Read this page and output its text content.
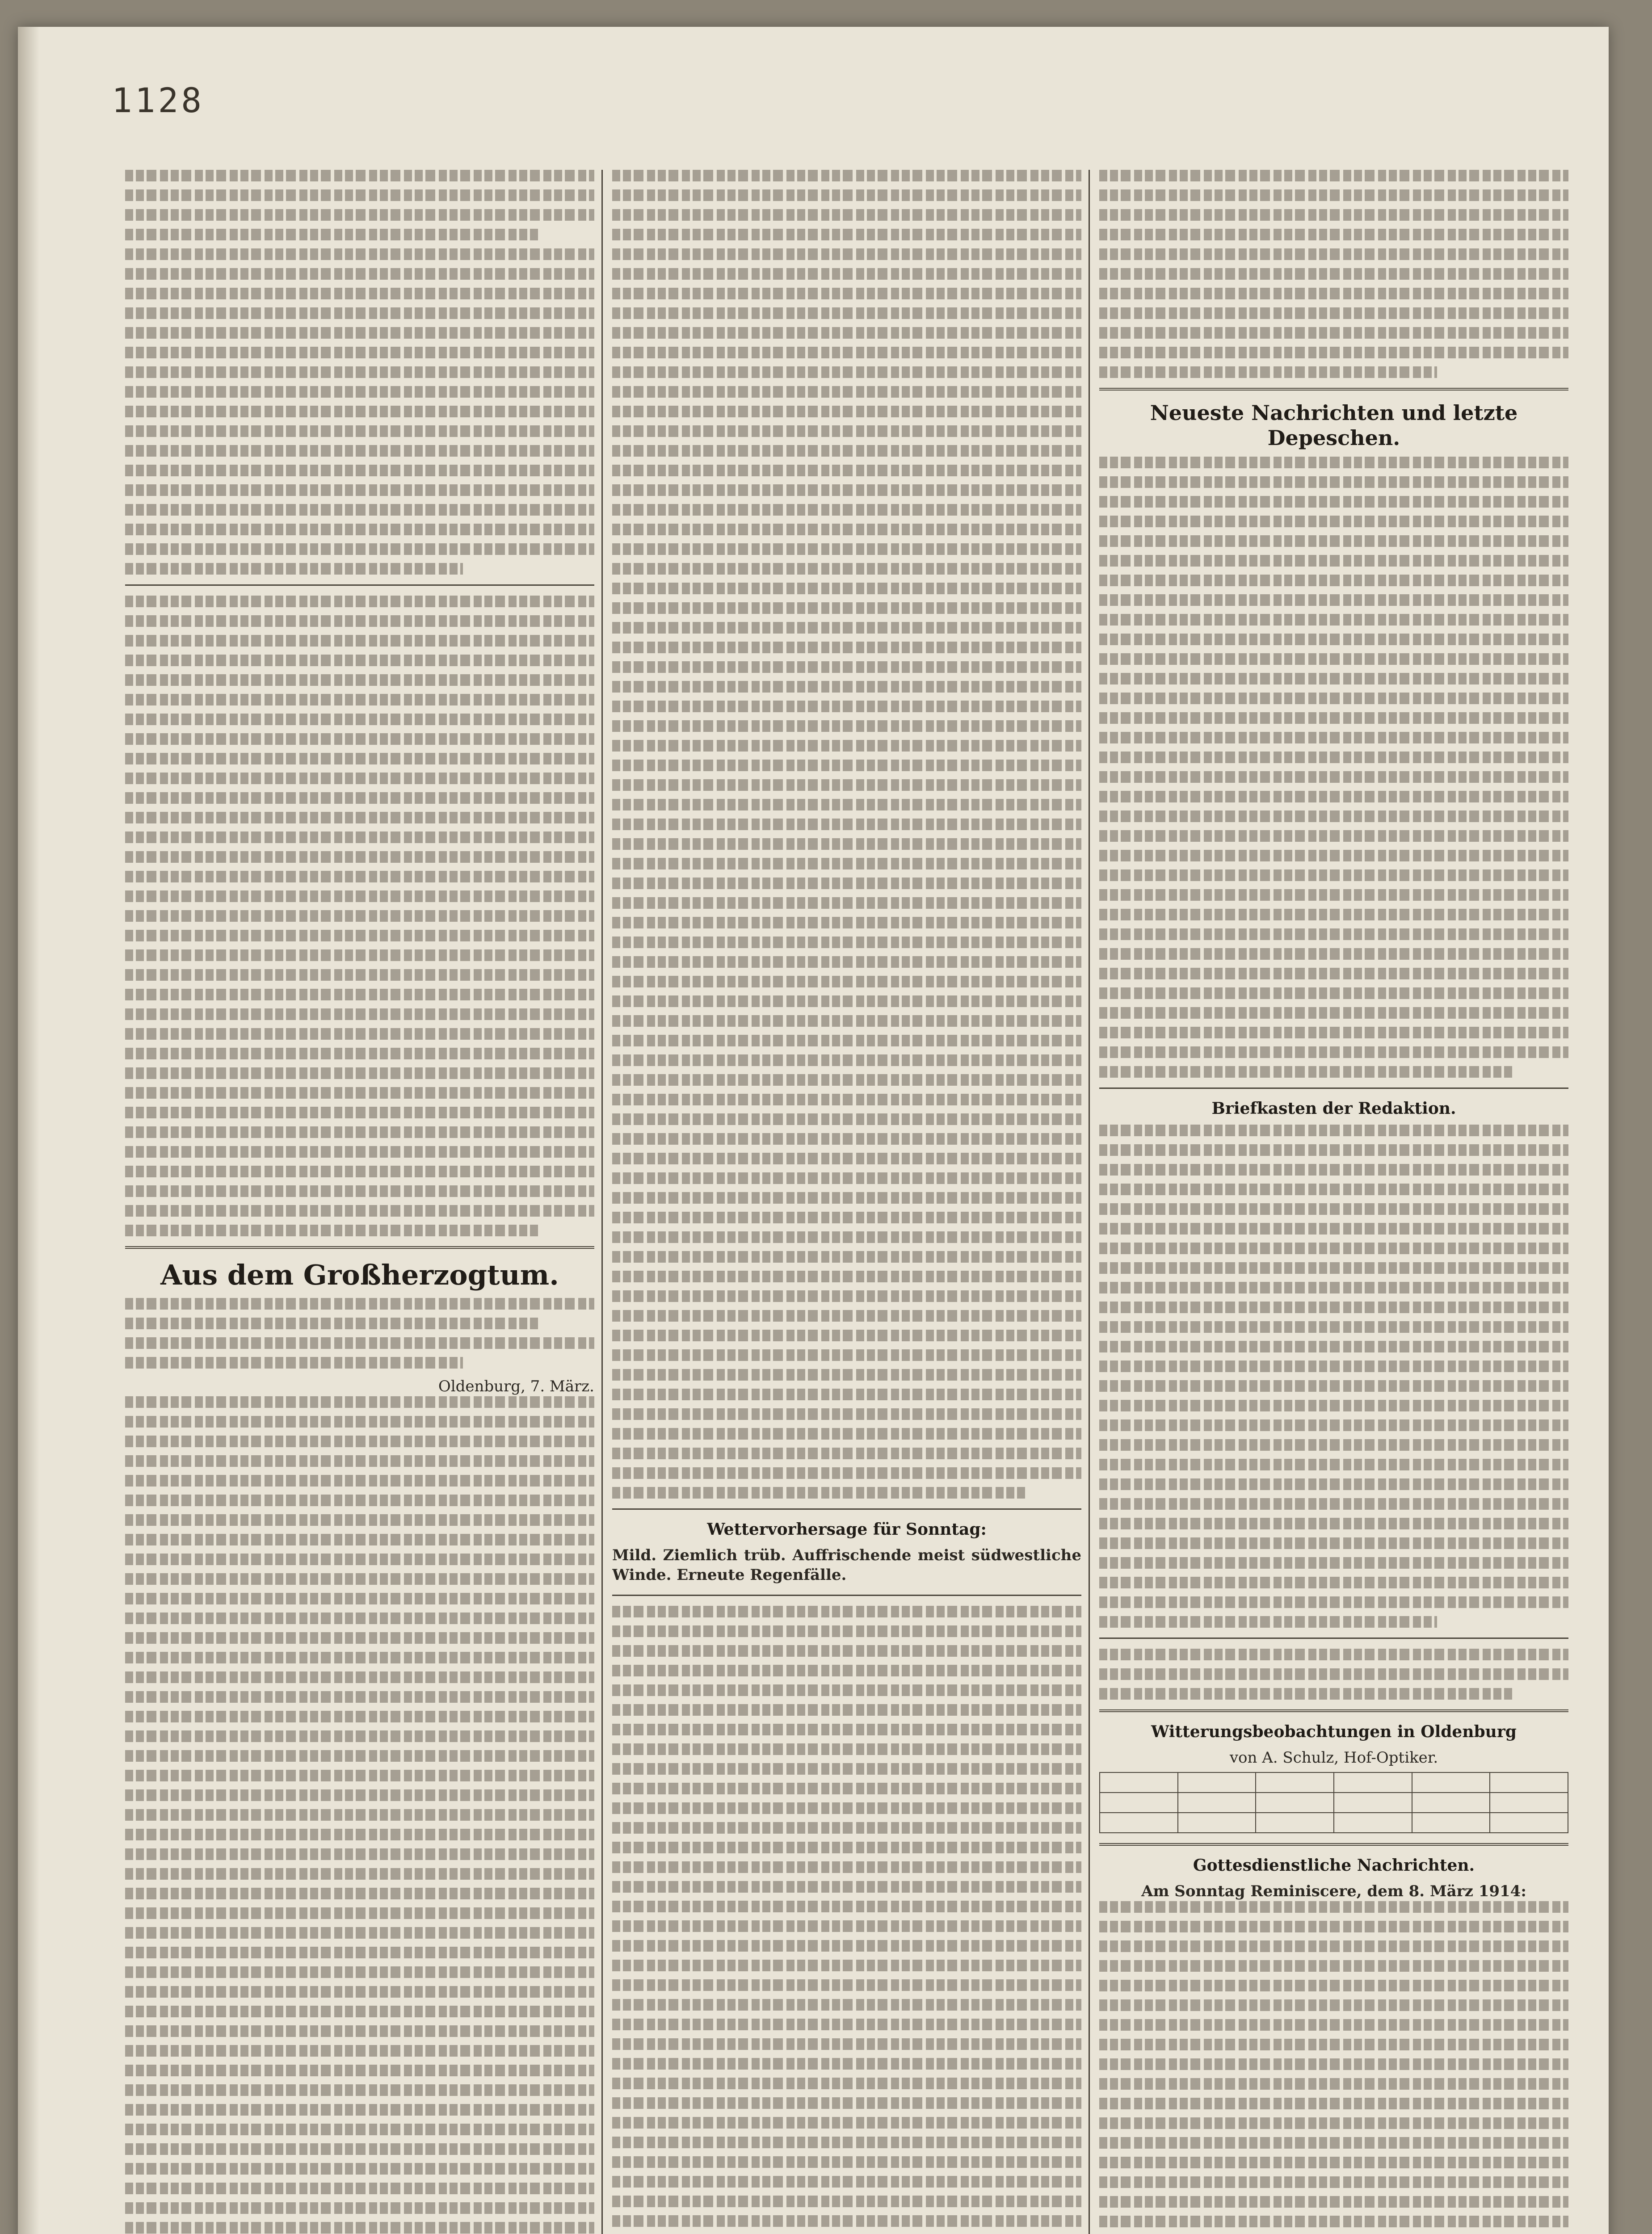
1128
Aus dem Großherzogtum.
Oldenburg, 7. März.
Wettervorhersage für Sonntag:

Mild. Ziemlich trüb. Auffrischende meist südwestliche Winde. Erneute Regenfälle.

Neueste Nachrichten und letzte Depeschen.
Briefkasten der Redaktion.
Witterungsbeobachtungen in Oldenburg
von A. Schulz, Hof-Optiker.

Gottesdienstliche Nachrichten.
Am Sonntag Reminiscere, dem 8. März 1914:
